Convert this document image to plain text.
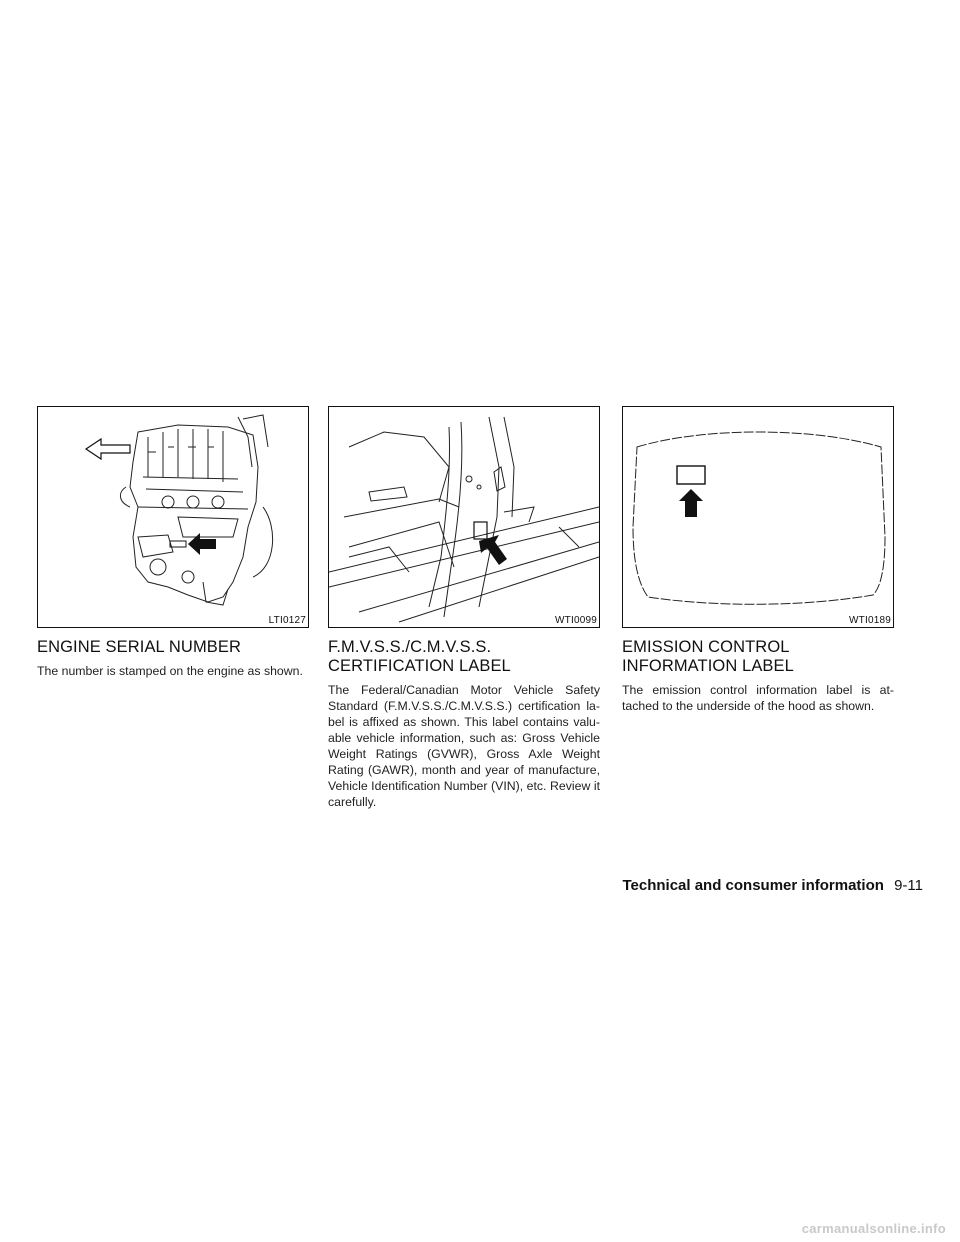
LTI0127
ENGINE SERIAL NUMBER

The number is stamped on the engine as shown.

WTI0099
F.M.V.S.S./C.M.V.S.S. CERTIFICATION LABEL

The Federal/Canadian Motor Vehicle Safety Standard (F.M.V.S.S./C.M.V.S.S.) certification la-bel is affixed as shown. This label contains valu-able vehicle information, such as: Gross Vehicle Weight Ratings (GVWR), Gross Axle Weight Rating (GAWR), month and year of manufacture, Vehicle Identification Number (VIN), etc. Review it carefully.

WTI0189
EMISSION CONTROL INFORMATION LABEL

The emission control information label is at-tached to the underside of the hood as shown.

Technical and consumer information 9-11
carmanualsonline.info
